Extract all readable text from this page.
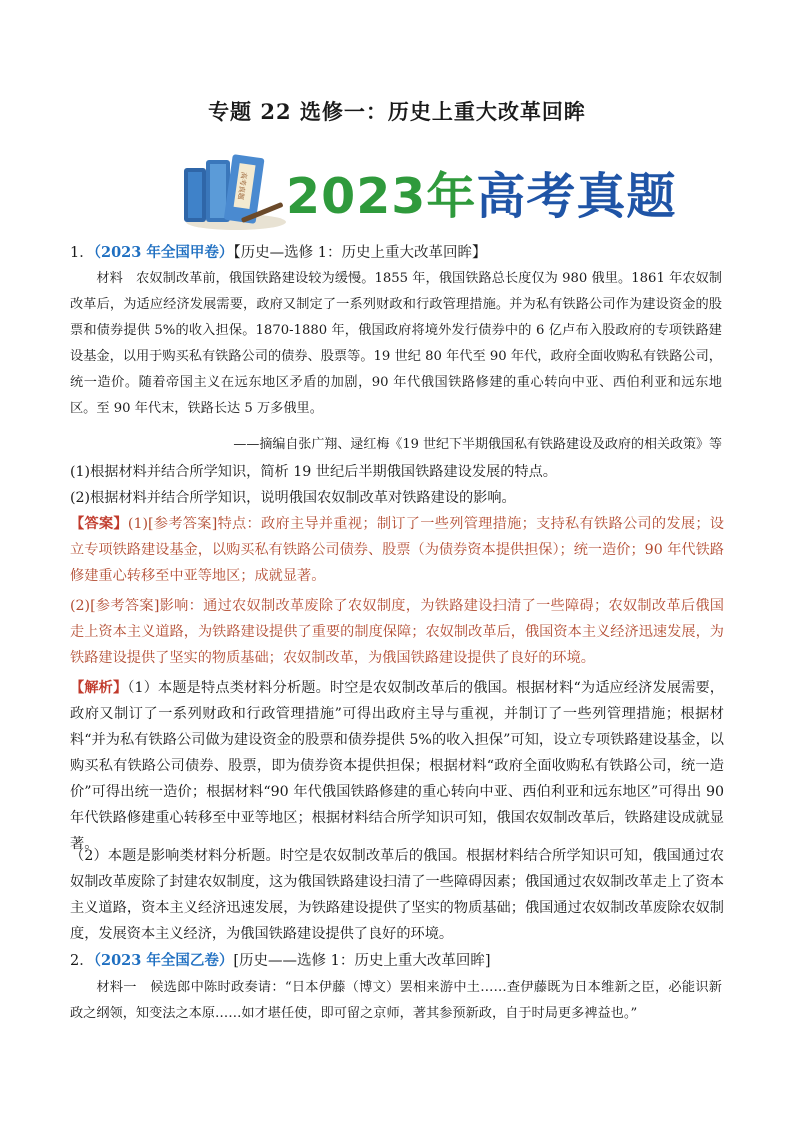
专题 22 选修一：历史上重大改革回眸
高考真题 2023年高考真题
1．（2023 年全国甲卷）【历史—选修 1：历史上重大改革回眸】
材料　农奴制改革前，俄国铁路建设较为缓慢。1855 年，俄国铁路总长度仅为 980 俄里。1861 年农奴制改革后，为适应经济发展需要，政府又制定了一系列财政和行政管理措施。并为私有铁路公司作为建设资金的股票和债券提供 5%的收入担保。1870-1880 年，俄国政府将境外发行债券中的 6 亿卢布入股政府的专项铁路建设基金，以用于购买私有铁路公司的债券、股票等。19 世纪 80 年代至 90 年代，政府全面收购私有铁路公司，统一造价。随着帝国主义在远东地区矛盾的加剧，90 年代俄国铁路修建的重心转向中亚、西伯利亚和远东地区。至 90 年代末，铁路长达 5 万多俄里。
——摘编自张广翔、逯红梅《19 世纪下半期俄国私有铁路建设及政府的相关政策》等
(1)根据材料并结合所学知识，简析 19 世纪后半期俄国铁路建设发展的特点。
(2)根据材料并结合所学知识，说明俄国农奴制改革对铁路建设的影响。
【答案】(1)[参考答案]特点：政府主导并重视；制订了一些列管理措施；支持私有铁路公司的发展；设立专项铁路建设基金，以购买私有铁路公司债券、股票（为债券资本提供担保）；统一造价；90 年代铁路修建重心转移至中亚等地区；成就显著。
(2)[参考答案]影响：通过农奴制改革废除了农奴制度，为铁路建设扫清了一些障碍；农奴制改革后俄国走上资本主义道路，为铁路建设提供了重要的制度保障；农奴制改革后，俄国资本主义经济迅速发展，为铁路建设提供了坚实的物质基础；农奴制改革，为俄国铁路建设提供了良好的环境。
【解析】（1）本题是特点类材料分析题。时空是农奴制改革后的俄国。根据材料“为适应经济发展需要，政府又制订了一系列财政和行政管理措施”可得出政府主导与重视，并制订了一些列管理措施；根据材料“并为私有铁路公司做为建设资金的股票和债券提供 5%的收入担保”可知，设立专项铁路建设基金，以购买私有铁路公司债券、股票，即为债券资本提供担保；根据材料“政府全面收购私有铁路公司，统一造价”可得出统一造价；根据材料“90 年代俄国铁路修建的重心转向中亚、西伯利亚和远东地区”可得出 90 年代铁路修建重心转移至中亚等地区；根据材料结合所学知识可知，俄国农奴制改革后，铁路建设成就显著。
（2）本题是影响类材料分析题。时空是农奴制改革后的俄国。根据材料结合所学知识可知，俄国通过农奴制改革废除了封建农奴制度，这为俄国铁路建设扫清了一些障碍因素；俄国通过农奴制改革走上了资本主义道路，资本主义经济迅速发展，为铁路建设提供了坚实的物质基础；俄国通过农奴制改革废除农奴制度，发展资本主义经济，为俄国铁路建设提供了良好的环境。
2．（2023 年全国乙卷）[历史——选修 1：历史上重大改革回眸]
材料一　候选郎中陈时政奏请：“日本伊藤（博文）罢相来游中土……查伊藤既为日本维新之臣，必能识新政之纲领，知变法之本原……如才堪任使，即可留之京师，著其参预新政，自于时局更多裨益也。”
